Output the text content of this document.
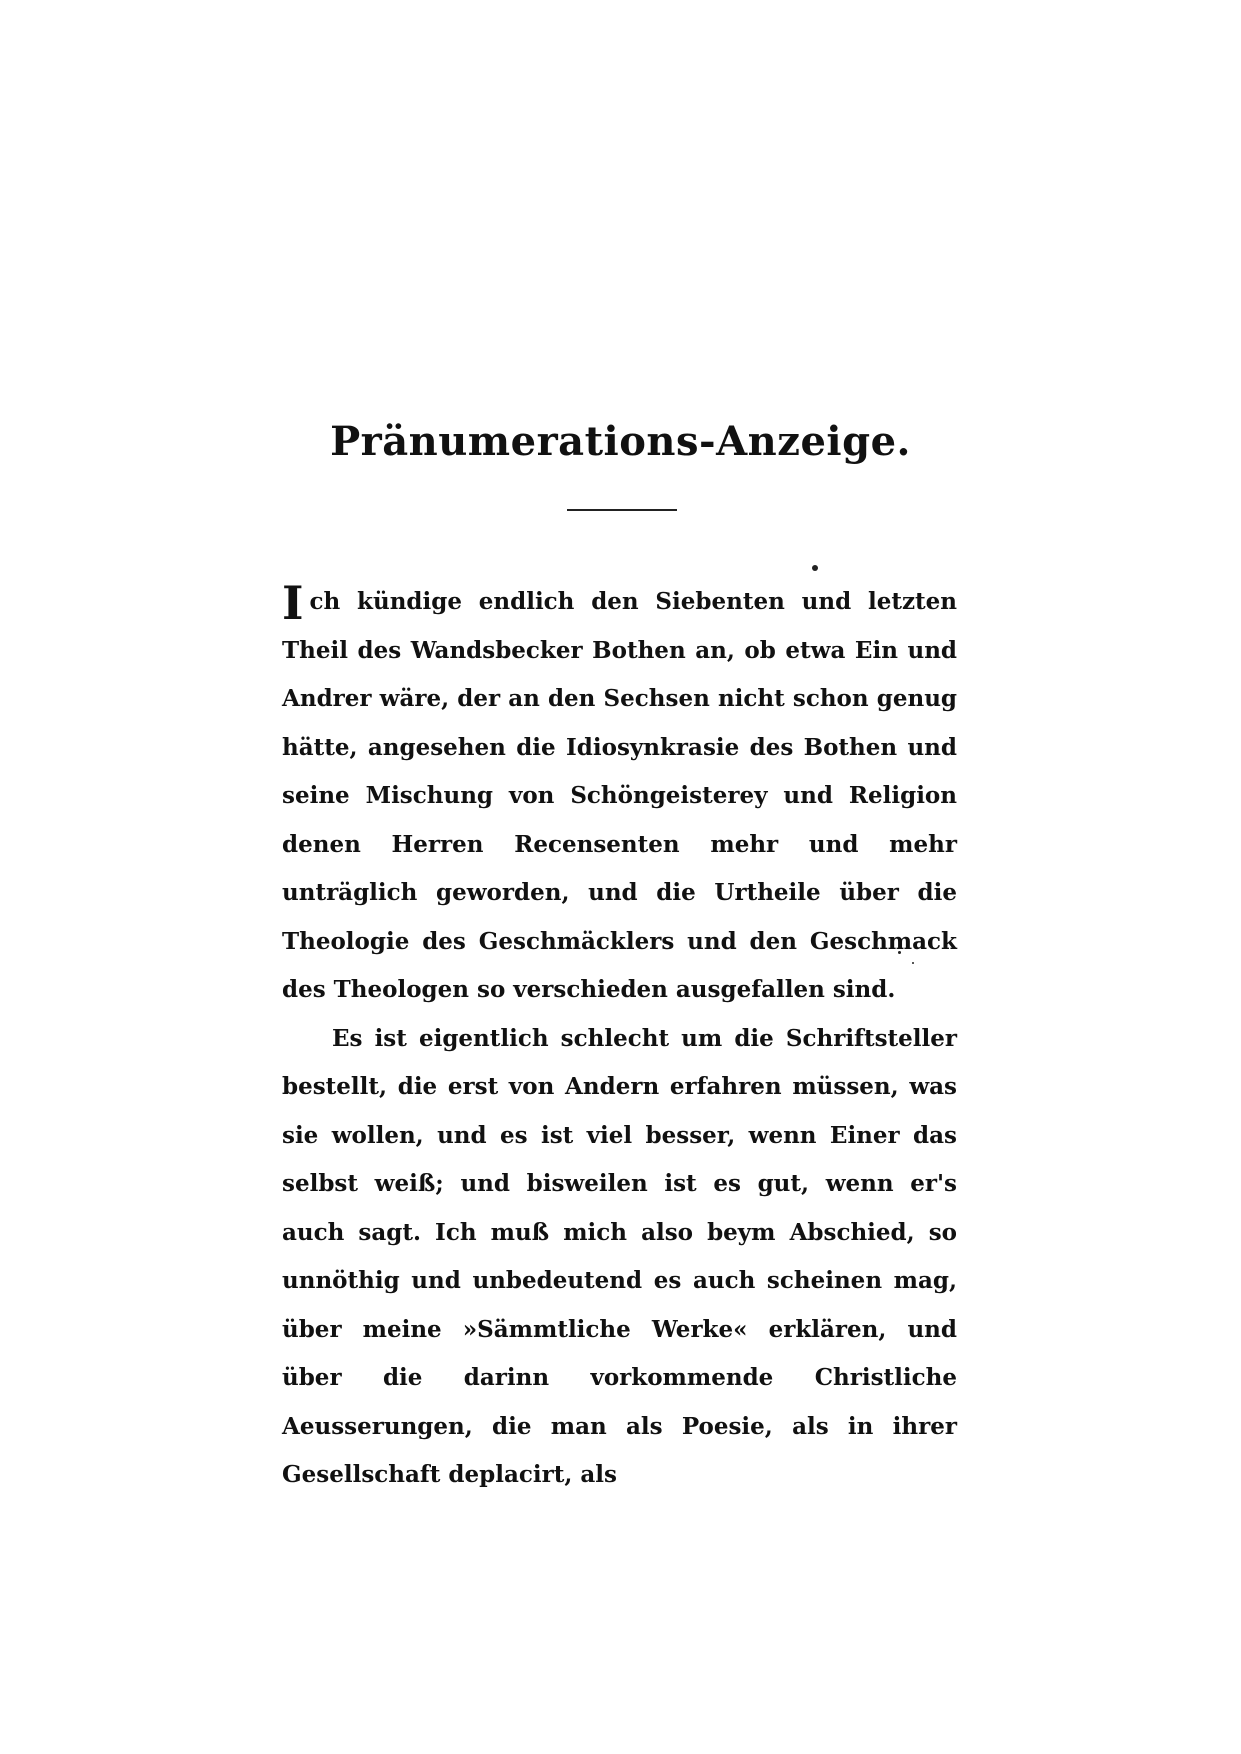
Pränumerations-Anzeige.

Ich kündige endlich den Siebenten und letzten Theil des Wandsbecker Bothen an, ob etwa Ein und Andrer wäre, der an den Sechsen nicht schon genug hätte, angesehen die Idiosynkrasie des Bothen und seine Mischung von Schöngeisterey und Religion denen Herren Recensenten mehr und mehr unträglich geworden, und die Urtheile über die Theologie des Geschmäcklers und den Geschmack des Theologen so verschieden ausgefallen sind.

Es ist eigentlich schlecht um die Schriftsteller bestellt, die erst von Andern erfahren müssen, was sie wollen, und es ist viel besser, wenn Einer das selbst weiß; und bisweilen ist es gut, wenn er's auch sagt. Ich muß mich also beym Abschied, so unnöthig und unbedeutend es auch scheinen mag, über meine »Sämmtliche Werke« erklären, und über die darinn vorkommende Christliche Aeusserungen, die man als Poesie, als in ihrer Gesellschaft deplacirt, als
